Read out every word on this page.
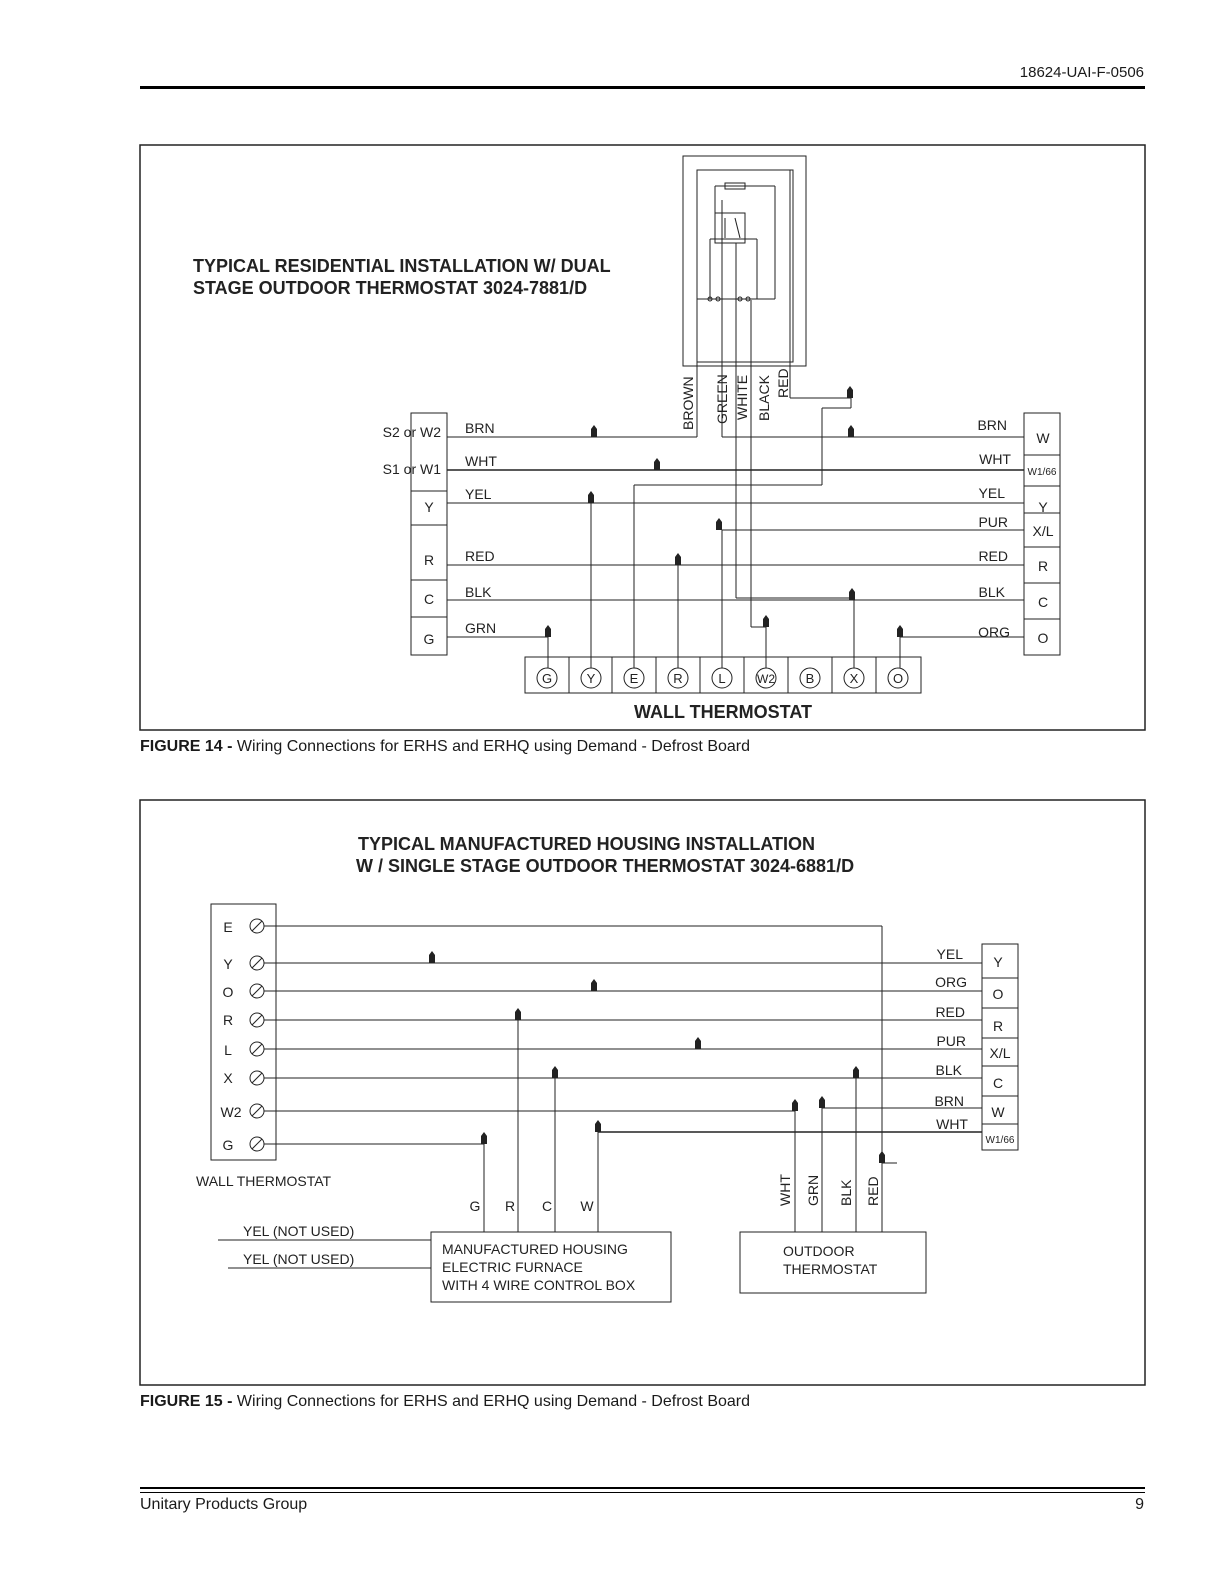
18624-UAI-F-0506
TYPICAL RESIDENTIAL INSTALLATION W/ DUAL
STAGE OUTDOOR THERMOSTAT 3024-7881/D
S2 or W2
S1 or W1
Y
R
C
G
BRN
WHT
YEL
RED
BLK
GRN
W
W1/66
Y
X/L
R
C
O
BRN
WHT
YEL
PUR
RED
BLK
ORG
BROWN GREEN WHITE BLACK RED
G	Y	E	R	L	W2 B	X	O
WALL THERMOSTAT
FIGURE 14 - Wiring Connections for ERHS and ERHQ using Demand - Defrost Board
TYPICAL MANUFACTURED HOUSING INSTALLATION
W / SINGLE STAGE OUTDOOR THERMOSTAT 3024-6881/D
E
Y
O
R
L
X
W2
G
WALL THERMOSTAT
Y
O
R
X/L
C
W
W1/66
YEL
ORG
RED
PUR
BLK
BRN
WHT
G R C W
YEL (NOT USED)
YEL (NOT USED)
MANUFACTURED HOUSING
ELECTRIC FURNACE
WITH 4 WIRE CONTROL BOX
WHT GRN BLK RED
OUTDOOR
THERMOSTAT
FIGURE 15 - Wiring Connections for ERHS and ERHQ using Demand - Defrost Board
Unitary Products Group	9
